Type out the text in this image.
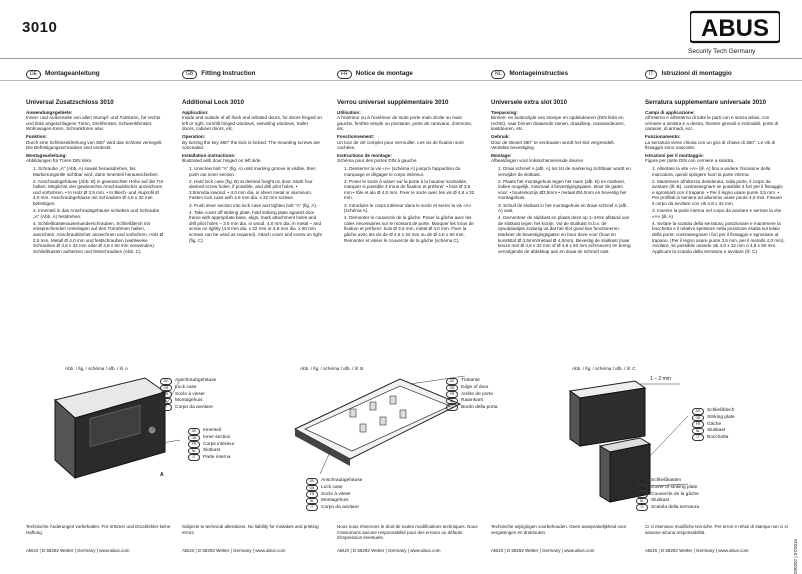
3010	ABUS
Security Tech Germany
DE	Montageanleitung
Universal Zusatzschloss 3010
Anwendungsgebiete:
Innen- und Außenseite von allen Stumpf- und Falztüren, für rechts und links angeschlagene Türen, Drehfenster, Schwenkfenster, Wohnwagen-türen, Schranktüren usw.
Funktion:
Durch eine Schlüsseldrehung von 360° wird das Schloss verriegelt. Die Befestigungsschrauben sind verdeckt.
Montageanleitung:
Abbildungen für Türen DIN links.
1. Schraube „A" (Abb. A) soweit herausdrehen, bis Markierungsrille sichtbar wird, dann Innenteil herausschieben.
2. Anschraubgehäuse (Abb. B) in gewünschter Höhe auf die Tür halten. Möglichst vier gewünschte Anschraublöcher anzeichnen und vorbohren. • In Holz Ø 3,5 mm. • In Blech- und Aluprofil Ø 4,0 mm. Anschraubgehäuse mit Schrauben Ø 4,8 x 32 mm befestigen.
3. Innenteil in das Anschraubgehäuse schieben und Schraube „A" (Abb. A) festdrehen.
4. Schließkastenauseinanderschrauben, Schließblech mit entsprechenden Unterlagen auf den Türrahmen halten, ausrichten, Anschraublöcher anzeichnen und vorbohren, Holz Ø 3,5 mm, Metall Ø 4,0 mm und festschrauben (wahlweise Schrauben Ø 4,8 x 32 mm oder Ø 4,8 x 50 mm verwenden). Schließkasten aufsetzen und festschrauben (Abb. C).
Technische Änderungen vorbehalten. Für Irrtümer und Druckfehler keine Haftung.
ABUS | D 58292 Wetter | Germany | www.abus.com
GB	Fitting Instruction
Additional Lock 3010
Application:
Inside and outside of all flush and rebated doors, for doors hinged on left or right, turn/tilt hinged windows, swiveling windows, trailer doors, cabinet doors, etc.
Operation:
By turning the key 360° the lock is locked. The mounting screws are concealed.
Installation instructions:
Illustrated with door hinged on left side.
1. Unscrew bolt "A" (fig. A) until marking groove is visible, then push out inner section.
2. Hold lock case (fig. B) at desired height on door. Mark four desired screw holes, if possible, and drill pilot holes. • 3.5mmdia.inwood. • 4.0 mm dia. in sheet metal or aluminum. Fasten lock case with 4.8 mm dia. x 32 mm screws.
3. Push inner section into lock case and tighten bolt "A" (fig. A).
4. Take cover off striking plate, hold striking plate against door frame with appropriate base, align, mark attachment holes and drill pilot holes – 3.5 mm dia. in wood, 4.0 mm dia. in metal – and screw on tightly (4.8 mm dia. x 32 mm or 4.8 mm dia. x 50 mm screws can be used as required). Attach cover and screw on tight (fig. C).
Subjects to technical alterations. No liability for mistakes and printing errors.
ABUS | D 58292 Wetter | Germany | www.abus.com
FR	Notice de montage
Verrou universel supplémentaire 3010
Utilisation:
A l'intérieur ou à l'extérieur de toute porte main droite ou main gauche, fenêtre simple ou pivotante, porte de caravane, d'armoire, etc.
Fonctionnement:
Un tour de clé complet pour verrouiller. Les vis de fixation sont cachées.
Instructions de montage:
Schéma pour des portes DIN à gauche.
1. Desserrer la vis «A» (schéma A) jusqu'à l'apparition du marquage et dégager le corps intérieur.
2. Poser le socle à visser sur la porte à la hauteur souhaitée, marquer si possible 4 trous de fixation et préforer: • bois Ø 3,5 mm • tôle et alu Ø 4,0 mm. Fixer le socle avec les vis Ø 4,8 x 32 mm.
3. Introduire le corps intérieur dans le socle et serrer la vis «A» (schéma A).
4. Démonter le couvercle de la gâche. Poser la gâche avec les cales nécessaires sur le montant de porte. Marquer les trous de fixation et préforer: bois Ø 3,5 mm, métal Ø 4,0 mm. Fixer la gâche avec les vis de Ø 4,8 x 32 mm ou de Ø 4,8 x 50 mm. Remonter et visser le couvercle de la gâche (schéma C).
Nous nous réservons le droit de toutes modifications techniques. Nous n'assumons aucune responsabilité pour des erreurs ou défauts d'impression éventuels.
ABUS | D 58292 Wetter | Germany | www.abus.com
NL	Montageinstructies
Universele extra slot 3010
Toepassing:
Binnen- en buitenzijde van stompe en opdekdeuren (DIN links en rechts), naar binnen draaiende ramen, draai/kiep, caravandeuren, kastdeuren, etc.
Gebruik:
Door de sleutel 360° te verdraaien wordt het slot vergrendelt. Verdekte bevestiging.
Montage:
Afbeeldingen voor linksscharnierende deuren
1. Draai schroef A (afb. A) los tot de markering zichtbaar wordt en verwijder de slotkast.
2. Plaats het montagehuis tegen het raam (afb. B) en markeer, indien mogelijk, minimaal 4 bevestigingsgaten. Boor de gaten voor: • houtenkozijn Ø3,5mm • metaal Ø4,0mm en bevestig het montagehuis.
3. Schuif de slotkast in het montagehuis en draai schroef A (afb. A) vast.
4. Demonteer de sluitkast en plaats deze op 1–2mm afstand van de slotkast tegen het kozijn. Vul de sluitkast m.b.v. de opvulplaatjes zodanig uit dat het slot goed kan functioneren. Markeer de bevestigingsgaten en boor deze voor (hout en kunststof Ø 3,5mm/metaal Ø 4,0mm). Bevestig de sluitkast (naar keuze met Ø 4,8 x 32 mm of Ø 4,8 x 50 mm schroeven) en breng vervolgende de afdekkap aan en draai de schroef vast.
Technische wijzigingen voorbehouden. Geen aansprakelijkheid voor vergissingen en drukfouten.
ABUS | D 58292 Wetter | Germany | www.abus.com
IT	Istruzioni di montaggio
Serratura supplementare universale 3010
Campi di applicazione:
All'interno e all'esterno di tutte le parti con e senza telaio, con cerniere a sinistra e a destra, finestre girevoli e inclinabili, porte di caravan, di armadi, ecc.
Funzionamento:
La serratura viene chiusa con un giro di chiave di 360°. Le viti di fissaggio sono nascoste.
Istruzioni per il montaggio:
Figure per porte DIN con cerniere a sinistra.
1. Allentare la vite «A» (ill. A) fino a vedere l'incisione della marcatura, quindi spingere fuori la parte interna.
2. Mantenere all'altezza desiderata, sulla porte, il corpo da avvitare (ill. B), contrassegnare se possibile 4 fori per il fissaggio e sgrossarli con il trapano. • Per il legno usare punte 3,5 mm. • Per profilati in lamiera ed alluminio usare punte 4,0 mm. Fissare il corpo da avvitare con viti 4,8 x 32 mm.
3. Inserire la parte interna nel corpo da avvitare e serrare la vite «A» (ill. A).
4. Svitare la scatola della serratura; posizionare e mantenere la bocchetta e il relativo spessore nella posizione esatta sul telaio della porta; contrassegnare i fori per il fissaggio e sgrossare al trapano. (Per il legno usare punte 3,5 mm, per il metallo 4,0 mm). Avvitare, se possibile usando viti 4,8 x 32 mm o 4,8 x 50 mm. Applicare la scatola della serratura e avvitare (ill. C)
Ci si riservano modifiche tecniche. Per errori e refusi di stampa non ci si assume alcuna responsabilità.
ABUS | D 58292 Wetter | Germany | www.abus.com
Abb. / fig. / schéma / afb. / ill. A
DE	Anschraubgehäuse
GB	Lock case
FR	Socle à visser
NL	Montagehuis
IT	Corpo da avvitare
DE	Innenteil
GB	Inner section
FR	Corps intérieur
NL	Slotkast
IT	Parte interna
A
Abb. / fig. / schéma / afb. / ill. B
DE	Türkante
GB	Edge of door
FR	Arrête de porte
NL	Raamkant
IT	Bordo della porta
DE	Anschraubgehäuse
GB	Lock case
FR	Socle à visser
NL	Montagehuis
IT	Corpo da avvitare
Abb. / fig. / schéma / afb. / ill. C
1 – 2 mm
DE	Schließblech
GB	Striking plate
FR	Gâche
NL	Sluitkast
IT	Bocchetta
DE	Schließkasten
GB	Cover of striking plate
FR	Couvercle de la gâche
NL	Sluitkast
IT	Scatola della serratura
330202 | 07/2016
